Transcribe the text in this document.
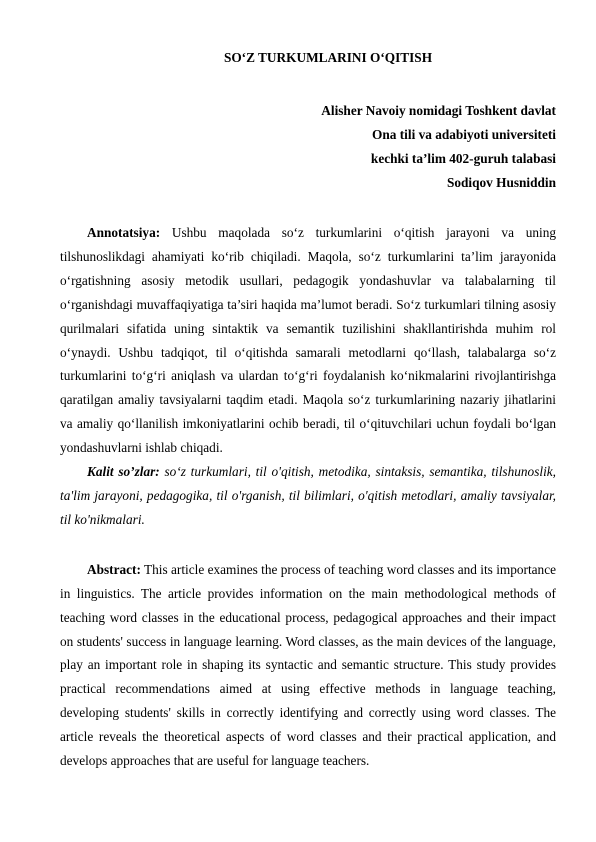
SO‘Z TURKUMLARINI O‘QITISH
Alisher Navoiy nomidagi Toshkent davlat
Ona tili va adabiyoti universiteti
kechki ta’lim 402-guruh talabasi
Sodiqov Husniddin

Annotatsiya: Ushbu maqolada so‘z turkumlarini o‘qitish jarayoni va uning tilshunoslikdagi ahamiyati ko‘rib chiqiladi. Maqola, so‘z turkumlarini ta’lim jarayonida o‘rgatishning asosiy metodik usullari, pedagogik yondashuvlar va talabalarning til o‘rganishdagi muvaffaqiyatiga ta’siri haqida ma’lumot beradi. So‘z turkumlari tilning asosiy qurilmalari sifatida uning sintaktik va semantik tuzilishini shakllantirishda muhim rol o‘ynaydi. Ushbu tadqiqot, til o‘qitishda samarali metodlarni qo‘llash, talabalarga so‘z turkumlarini to‘g‘ri aniqlash va ulardan to‘g‘ri foydalanish ko‘nikmalarini rivojlantirishga qaratilgan amaliy tavsiyalarni taqdim etadi. Maqola so‘z turkumlarining nazariy jihatlarini va amaliy qo‘llanilish imkoniyatlarini ochib beradi, til o‘qituvchilari uchun foydali bo‘lgan yondashuvlarni ishlab chiqadi.

Kalit so’zlar: so‘z turkumlari, til o'qitish, metodika, sintaksis, semantika, tilshunoslik, ta'lim jarayoni, pedagogika, til o'rganish, til bilimlari, o'qitish metodlari, amaliy tavsiyalar, til ko'nikmalari.

Abstract: This article examines the process of teaching word classes and its importance in linguistics. The article provides information on the main methodological methods of teaching word classes in the educational process, pedagogical approaches and their impact on students' success in language learning. Word classes, as the main devices of the language, play an important role in shaping its syntactic and semantic structure. This study provides practical recommendations aimed at using effective methods in language teaching, developing students' skills in correctly identifying and correctly using word classes. The article reveals the theoretical aspects of word classes and their practical application, and develops approaches that are useful for language teachers.
